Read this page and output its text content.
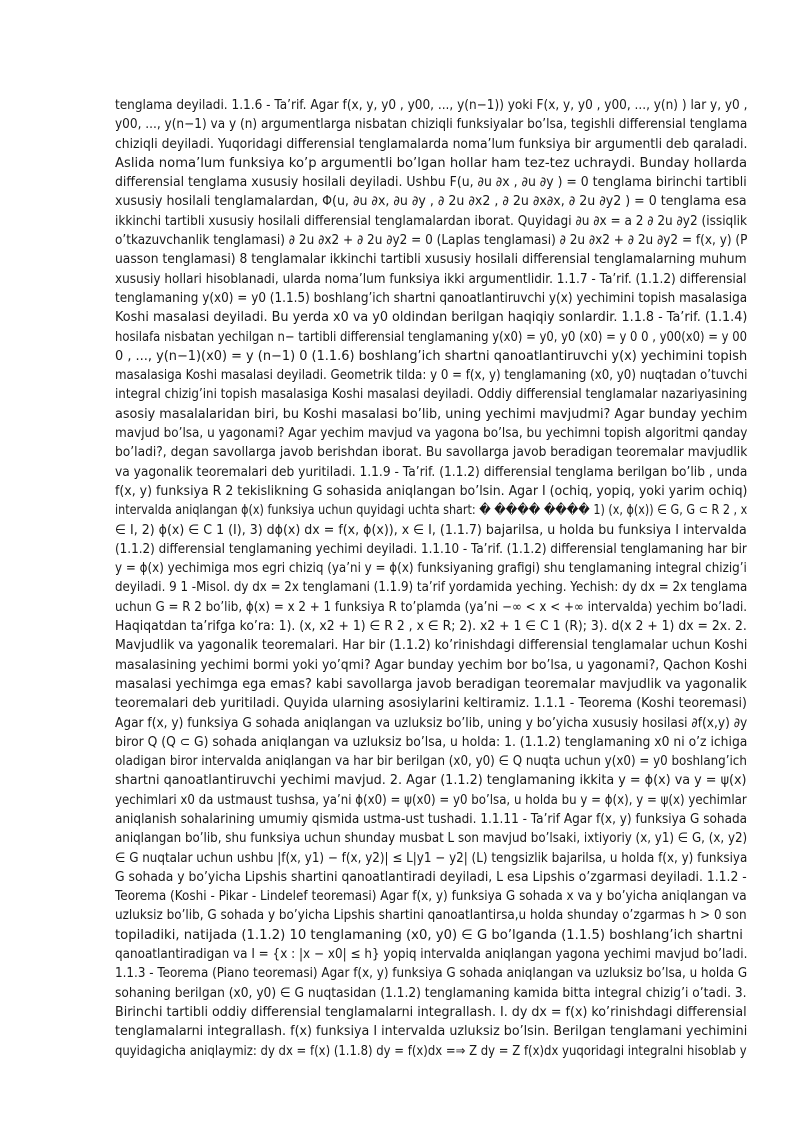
tenglama deyiladi. 1.1.6 - Ta’rif. Agar f(x, y, y0 , y00, ..., y(n−1)) yoki F(x, y, y0 , y00, ..., y(n) ) lar y, y0 ,
y00, ..., y(n−1) va y (n) argumentlarga nisbatan chiziqli funksiyalar bo’lsa, tegishli differensial tenglama
chiziqli deyiladi. Yuqoridagi differensial tenglamalarda noma’lum funksiya bir argumentli deb qaraladi.
Aslida noma’lum funksiya ko’p argumentli bo’lgan hollar ham tez-tez uchraydi. Bunday hollarda
differensial tenglama xususiy hosilali deyiladi. Ushbu F(u, ∂u ∂x , ∂u ∂y ) = 0 tenglama birinchi tartibli
xususiy hosilali tenglamalardan, Φ(u, ∂u ∂x, ∂u ∂y , ∂ 2u ∂x2 , ∂ 2u ∂x∂x, ∂ 2u ∂y2 ) = 0 tenglama esa
ikkinchi tartibli xususiy hosilali differensial tenglamalardan iborat. Quyidagi ∂u ∂x = a 2 ∂ 2u ∂y2 (issiqlik
o’tkazuvchanlik tenglamasi) ∂ 2u ∂x2 + ∂ 2u ∂y2 = 0 (Laplas tenglamasi) ∂ 2u ∂x2 + ∂ 2u ∂y2 = f(x, y) (P
uasson tenglamasi) 8 tenglamalar ikkinchi tartibli xususiy hosilali differensial tenglamalarning muhum
xususiy hollari hisoblanadi, ularda noma’lum funksiya ikki argumentlidir. 1.1.7 - Ta’rif. (1.1.2) differensial
tenglamaning y(x0) = y0 (1.1.5) boshlang’ich shartni qanoatlantiruvchi y(x) yechimini topish masalasiga
Koshi masalasi deyiladi. Bu yerda x0 va y0 oldindan berilgan haqiqiy sonlardir. 1.1.8 - Ta’rif. (1.1.4)
hosilafa nisbatan yechilgan n− tartibli differensial tenglamaning y(x0) = y0, y0 (x0) = y 0 0 , y00(x0) = y 00
0 , ..., y(n−1)(x0) = y (n−1) 0 (1.1.6) boshlang’ich shartni qanoatlantiruvchi y(x) yechimini topish
masalasiga Koshi masalasi deyiladi. Geometrik tilda: y 0 = f(x, y) tenglamaning (x0, y0) nuqtadan o’tuvchi
integral chizig’ini topish masalasiga Koshi masalasi deyiladi. Oddiy differensial tenglamalar nazariyasining
asosiy masalalaridan biri, bu Koshi masalasi bo’lib, uning yechimi mavjudmi? Agar bunday yechim
mavjud bo’lsa, u yagonami? Agar yechim mavjud va yagona bo’lsa, bu yechimni topish algoritmi qanday
bo’ladi?, degan savollarga javob berishdan iborat. Bu savollarga javob beradigan teoremalar mavjudlik
va yagonalik teoremalari deb yuritiladi. 1.1.9 - Ta’rif. (1.1.2) differensial tenglama berilgan bo’lib , unda
f(x, y) funksiya R 2 tekislikning G sohasida aniqlangan bo’lsin. Agar I (ochiq, yopiq, yoki yarim ochiq)
intervalda aniqlangan ϕ(x) funksiya uchun quyidagi uchta shart: � ���� ���� 1) (x, ϕ(x)) ∈ G, G ⊂ R 2 , x
∈ I, 2) ϕ(x) ∈ C 1 (I), 3) dϕ(x) dx = f(x, ϕ(x)), x ∈ I, (1.1.7) bajarilsa, u holda bu funksiya I intervalda
(1.1.2) differensial tenglamaning yechimi deyiladi. 1.1.10 - Ta’rif. (1.1.2) differensial tenglamaning har bir
y = ϕ(x) yechimiga mos egri chiziq (ya’ni y = ϕ(x) funksiyaning grafigi) shu tenglamaning integral chizig’i
deyiladi. 9 1 -Misol. dy dx = 2x tenglamani (1.1.9) ta’rif yordamida yeching. Yechish: dy dx = 2x tenglama
uchun G = R 2 bo’lib, ϕ(x) = x 2 + 1 funksiya R to’plamda (ya’ni −∞ < x < +∞ intervalda) yechim bo’ladi.
Haqiqatdan ta’rifga ko’ra: 1). (x, x2 + 1) ∈ R 2 , x ∈ R; 2). x2 + 1 ∈ C 1 (R); 3). d(x 2 + 1) dx = 2x. 2.
Mavjudlik va yagonalik teoremalari. Har bir (1.1.2) ko’rinishdagi differensial tenglamalar uchun Koshi
masalasining yechimi bormi yoki yo’qmi? Agar bunday yechim bor bo’lsa, u yagonami?, Qachon Koshi
masalasi yechimga ega emas? kabi savollarga javob beradigan teoremalar mavjudlik va yagonalik
teoremalari deb yuritiladi. Quyida ularning asosiylarini keltiramiz. 1.1.1 - Teorema (Koshi teoremasi)
Agar f(x, y) funksiya G sohada aniqlangan va uzluksiz bo’lib, uning y bo’yicha xususiy hosilasi ∂f(x,y) ∂y
biror Q (Q ⊂ G) sohada aniqlangan va uzluksiz bo’lsa, u holda: 1. (1.1.2) tenglamaning x0 ni o’z ichiga
oladigan biror intervalda aniqlangan va har bir berilgan (x0, y0) ∈ Q nuqta uchun y(x0) = y0 boshlang’ich
shartni qanoatlantiruvchi yechimi mavjud. 2. Agar (1.1.2) tenglamaning ikkita y = ϕ(x) va y = ψ(x)
yechimlari x0 da ustmaust tushsa, ya’ni ϕ(x0) = ψ(x0) = y0 bo’lsa, u holda bu y = ϕ(x), y = ψ(x) yechimlar
aniqlanish sohalarining umumiy qismida ustma-ust tushadi. 1.1.11 - Ta’rif Agar f(x, y) funksiya G sohada
aniqlangan bo’lib, shu funksiya uchun shunday musbat L son mavjud bo’lsaki, ixtiyoriy (x, y1) ∈ G, (x, y2)
∈ G nuqtalar uchun ushbu |f(x, y1) − f(x, y2)| ≤ L|y1 − y2| (L) tengsizlik bajarilsa, u holda f(x, y) funksiya
G sohada y bo’yicha Lipshis shartini qanoatlantiradi deyiladi, L esa Lipshis o’zgarmasi deyiladi. 1.1.2 -
Teorema (Koshi - Pikar - Lindelef teoremasi) Agar f(x, y) funksiya G sohada x va y bo’yicha aniqlangan va
uzluksiz bo’lib, G sohada y bo’yicha Lipshis shartini qanoatlantirsa,u holda shunday o’zgarmas h > 0 son
topiladiki, natijada (1.1.2) 10 tenglamaning (x0, y0) ∈ G bo’lganda (1.1.5) boshlang’ich shartni
qanoatlantiradigan va I = {x : |x − x0| ≤ h} yopiq intervalda aniqlangan yagona yechimi mavjud bo’ladi.
1.1.3 - Teorema (Piano teoremasi) Agar f(x, y) funksiya G sohada aniqlangan va uzluksiz bo’lsa, u holda G
sohaning berilgan (x0, y0) ∈ G nuqtasidan (1.1.2) tenglamaning kamida bitta integral chizig’i o’tadi. 3.
Birinchi tartibli oddiy differensial tenglamalarni integrallash. I. dy dx = f(x) ko’rinishdagi differensial
tenglamalarni integrallash. f(x) funksiya I intervalda uzluksiz bo’lsin. Berilgan tenglamani yechimini
quyidagicha aniqlaymiz: dy dx = f(x) (1.1.8) dy = f(x)dx =⇒ Z dy = Z f(x)dx yuqoridagi integralni hisoblab y
